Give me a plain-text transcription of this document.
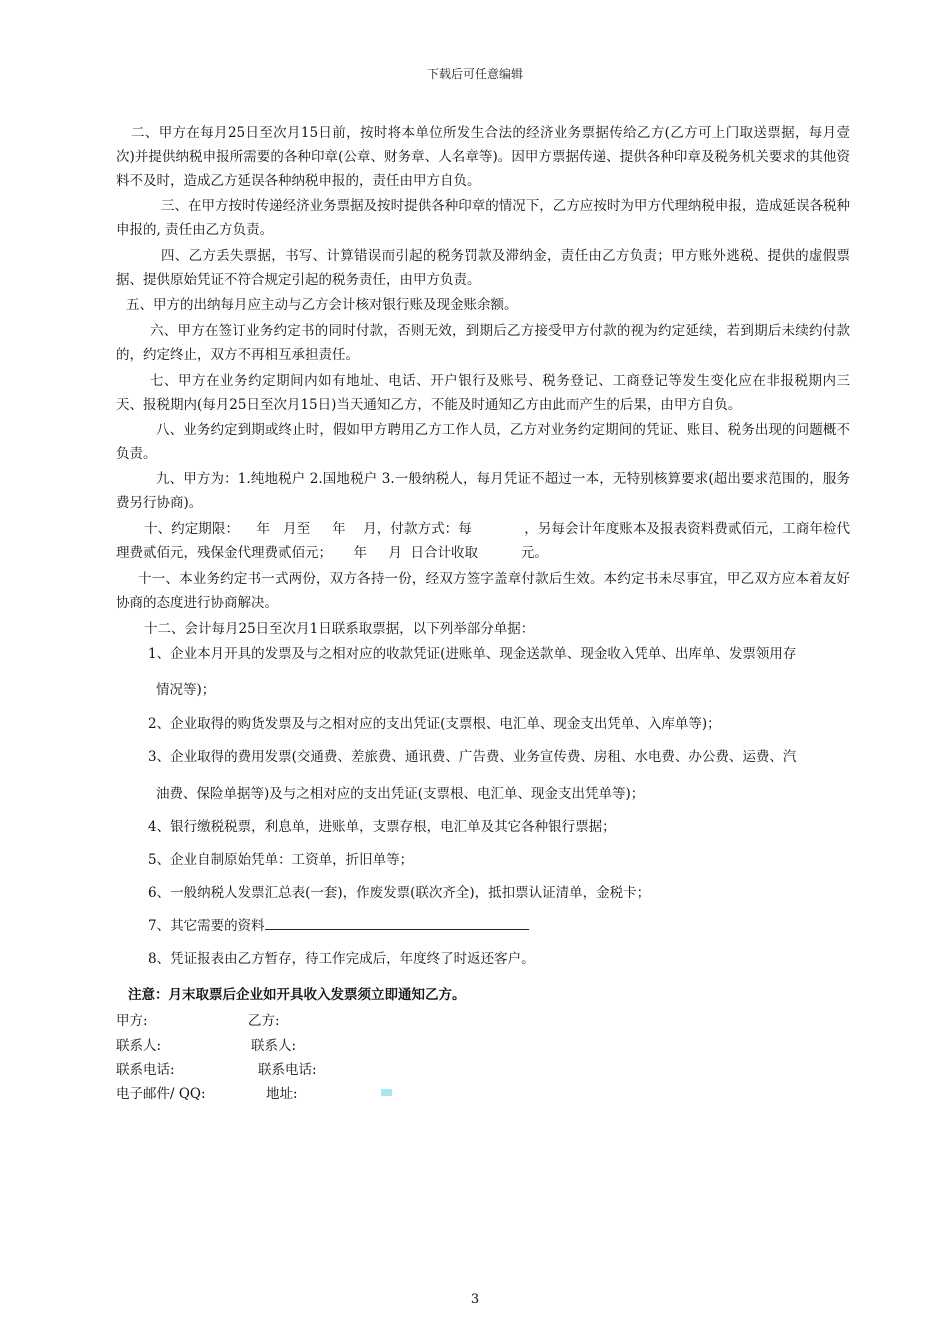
下载后可任意编辑

二、甲方在每月25日至次月15日前，按时将本单位所发生合法的经济业务票据传给乙方(乙方可上门取送票据，每月壹次)并提供纳税申报所需要的各种印章(公章、财务章、人名章等)。因甲方票据传递、提供各种印章及税务机关要求的其他资料不及时，造成乙方延误各种纳税申报的，责任由甲方自负。

三、在甲方按时传递经济业务票据及按时提供各种印章的情况下，乙方应按时为甲方代理纳税申报，造成延误各税种申报的, 责任由乙方负责。

四、乙方丢失票据，书写、计算错误而引起的税务罚款及滞纳金，责任由乙方负责；甲方账外逃税、提供的虚假票据、提供原始凭证不符合规定引起的税务责任，由甲方负责。

五、甲方的出纳每月应主动与乙方会计核对银行账及现金账余额。

六、甲方在签订业务约定书的同时付款，否则无效，到期后乙方接受甲方付款的视为约定延续，若到期后未续约付款的，约定终止，双方不再相互承担责任。

七、甲方在业务约定期间内如有地址、电话、开户银行及账号、税务登记、工商登记等发生变化应在非报税期内三天、报税期内(每月25日至次月15日)当天通知乙方，不能及时通知乙方由此而产生的后果，由甲方自负。

八、业务约定到期或终止时，假如甲方聘用乙方工作人员，乙方对业务约定期间的凭证、账目、税务出现的问题概不负责。

九、甲方为：1.纯地税户 2.国地税户 3.一般纳税人，每月凭证不超过一本，无特别核算要求(超出要求范围的，服务费另行协商)。

十、约定期限：    年   月至     年    月，付款方式：每            ，另每会计年度账本及报表资料费贰佰元，工商年检代理费贰佰元，残保金代理费贰佰元；     年     月  日合计收取          元。

十一、本业务约定书一式两份，双方各持一份，经双方签字盖章付款后生效。本约定书未尽事宜，甲乙双方应本着友好协商的态度进行协商解决。

十二、会计每月25日至次月1日联系取票据，以下列举部分单据：

1、企业本月开具的发票及与之相对应的收款凭证(进账单、现金送款单、现金收入凭单、出库单、发票领用存

情况等)；

2、企业取得的购货发票及与之相对应的支出凭证(支票根、电汇单、现金支出凭单、入库单等)；

3、企业取得的费用发票(交通费、差旅费、通讯费、广告费、业务宣传费、房租、水电费、办公费、运费、汽

油费、保险单据等)及与之相对应的支出凭证(支票根、电汇单、现金支出凭单等)；

4、银行缴税税票，利息单，进账单，支票存根，电汇单及其它各种银行票据；

5、企业自制原始凭单：工资单，折旧单等；

6、一般纳税人发票汇总表(一套)，作废发票(联次齐全)，抵扣票认证清单，金税卡；

7、其它需要的资料

8、凭证报表由乙方暂存，待工作完成后，年度终了时返还客户。

注意：月末取票后企业如开具收入发票须立即通知乙方。
甲方:	乙方:
联系人:	联系人:
联系电话:	联系电话:
电子邮件/ QQ:	地址:
3
